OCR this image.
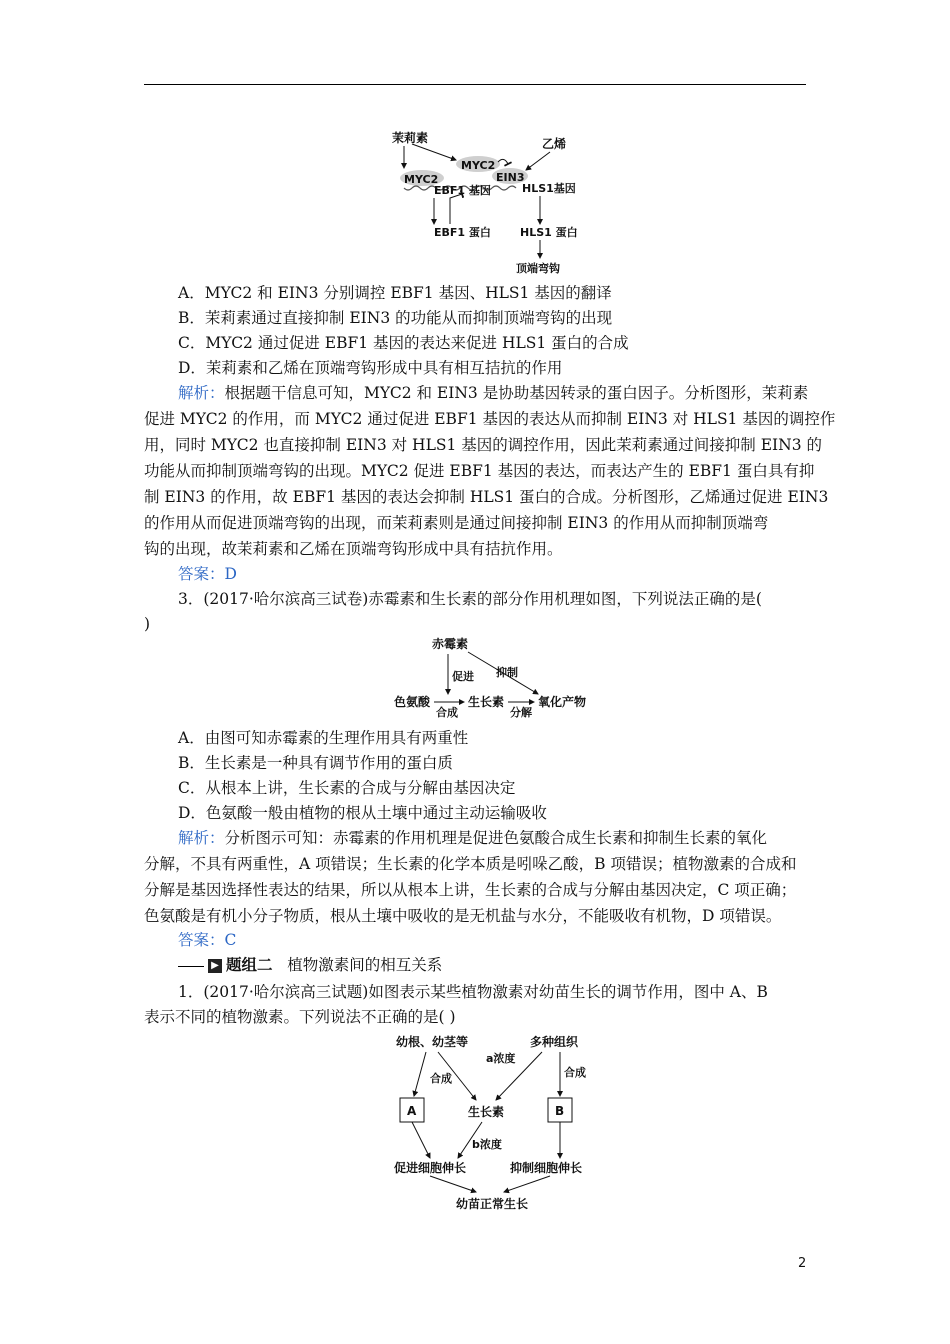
茉莉素	乙烯
MYC2
MYC2	EIN3
EBF1 基因	HLS1基因
EBF1 蛋白	HLS1 蛋白
顶端弯钩
A．MYC2 和 EIN3 分别调控 EBF1 基因、HLS1 基因的翻译
B．茉莉素通过直接抑制 EIN3 的功能从而抑制顶端弯钩的出现
C．MYC2 通过促进 EBF1 基因的表达来促进 HLS1 蛋白的合成
D．茉莉素和乙烯在顶端弯钩形成中具有相互拮抗的作用
解析：根据题干信息可知，MYC2 和 EIN3 是协助基因转录的蛋白因子。分析图形，茉莉素
促进 MYC2 的作用，而 MYC2 通过促进 EBF1 基因的表达从而抑制 EIN3 对 HLS1 基因的调控作
用，同时 MYC2 也直接抑制 EIN3 对 HLS1 基因的调控作用，因此茉莉素通过间接抑制 EIN3 的
功能从而抑制顶端弯钩的出现。MYC2 促进 EBF1 基因的表达，而表达产生的 EBF1 蛋白具有抑
制 EIN3 的作用，故 EBF1 基因的表达会抑制 HLS1 蛋白的合成。分析图形，乙烯通过促进 EIN3
的作用从而促进顶端弯钩的出现，而茉莉素则是通过间接抑制 EIN3 的作用从而抑制顶端弯
钩的出现，故茉莉素和乙烯在顶端弯钩形成中具有拮抗作用。
答案：D
3．(2017·哈尔滨高三试卷)赤霉素和生长素的部分作用机理如图，下列说法正确的是(
)
赤霉素
促进 抑制
色氨酸
合成
生长素
分解
氧化产物
A．由图可知赤霉素的生理作用具有两重性
B．生长素是一种具有调节作用的蛋白质
C．从根本上讲，生长素的合成与分解由基因决定
D．色氨酸一般由植物的根从土壤中通过主动运输吸收
解析：分析图示可知：赤霉素的作用机理是促进色氨酸合成生长素和抑制生长素的氧化
分解，不具有两重性，A 项错误；生长素的化学本质是吲哚乙酸，B 项错误；植物激素的合成和
分解是基因选择性表达的结果，所以从根本上讲，生长素的合成与分解由基因决定，C 项正确；
色氨酸是有机小分子物质，根从土壤中吸收的是无机盐与水分，不能吸收有机物，D 项错误。
答案：C
▶ 题组二 植物激素间的相互关系
1．(2017·哈尔滨高三试题)如图表示某些植物激素对幼苗生长的调节作用，图中 A、B
表示不同的植物激素。下列说法不正确的是( )
幼根、幼茎等	多种组织
合成
a浓度
合成
A	生长素	B
b浓度
促进细胞伸长	抑制细胞伸长
幼苗正常生长
2
